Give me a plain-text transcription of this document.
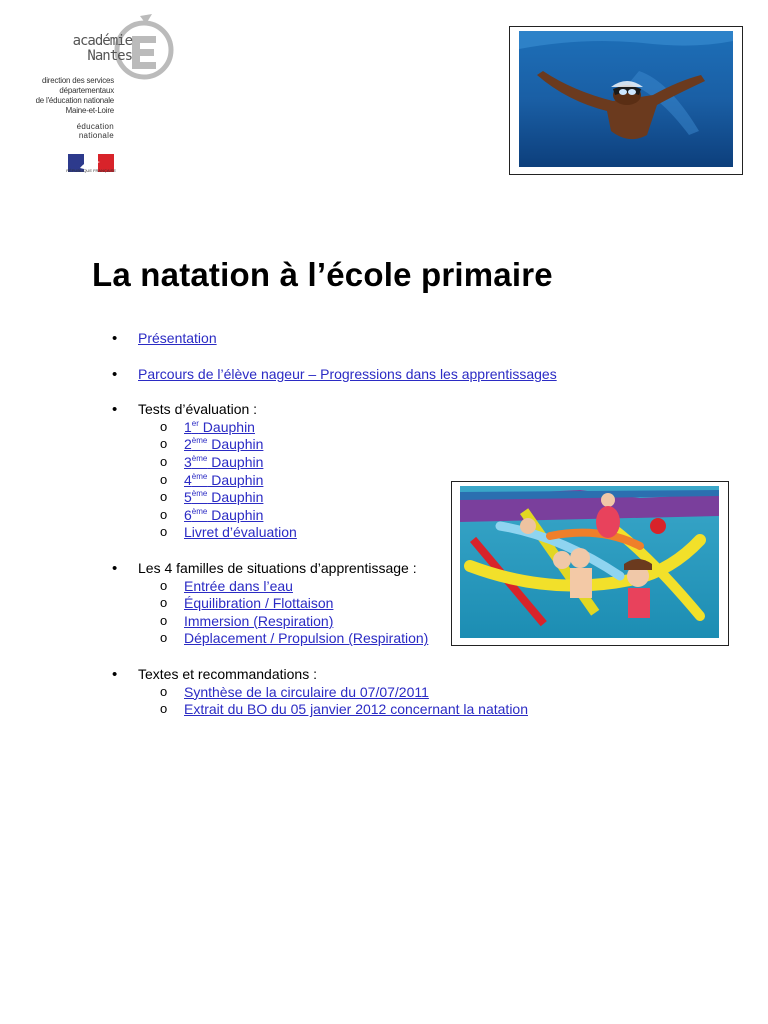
académie
Nantes
direction des services
départementaux
de l'éducation nationale
Maine-et-Loire
éducation
nationale
RÉPUBLIQUE FRANÇAISE
La natation à l’école primaire
• Présentation
• Parcours de l’élève nageur – Progressions dans les apprentissages
• Tests d’évaluation :
o 1er Dauphin
o 2ème Dauphin
o 3ème Dauphin
o 4ème Dauphin
o 5ème Dauphin
o 6ème Dauphin
o Livret d’évaluation
• Les 4 familles de situations d’apprentissage :
o Entrée dans l’eau
o Équilibration / Flottaison
o Immersion (Respiration)
o Déplacement / Propulsion (Respiration)
• Textes et recommandations :
o Synthèse de la circulaire du 07/07/2011
o Extrait du BO du 05 janvier 2012 concernant la natation
